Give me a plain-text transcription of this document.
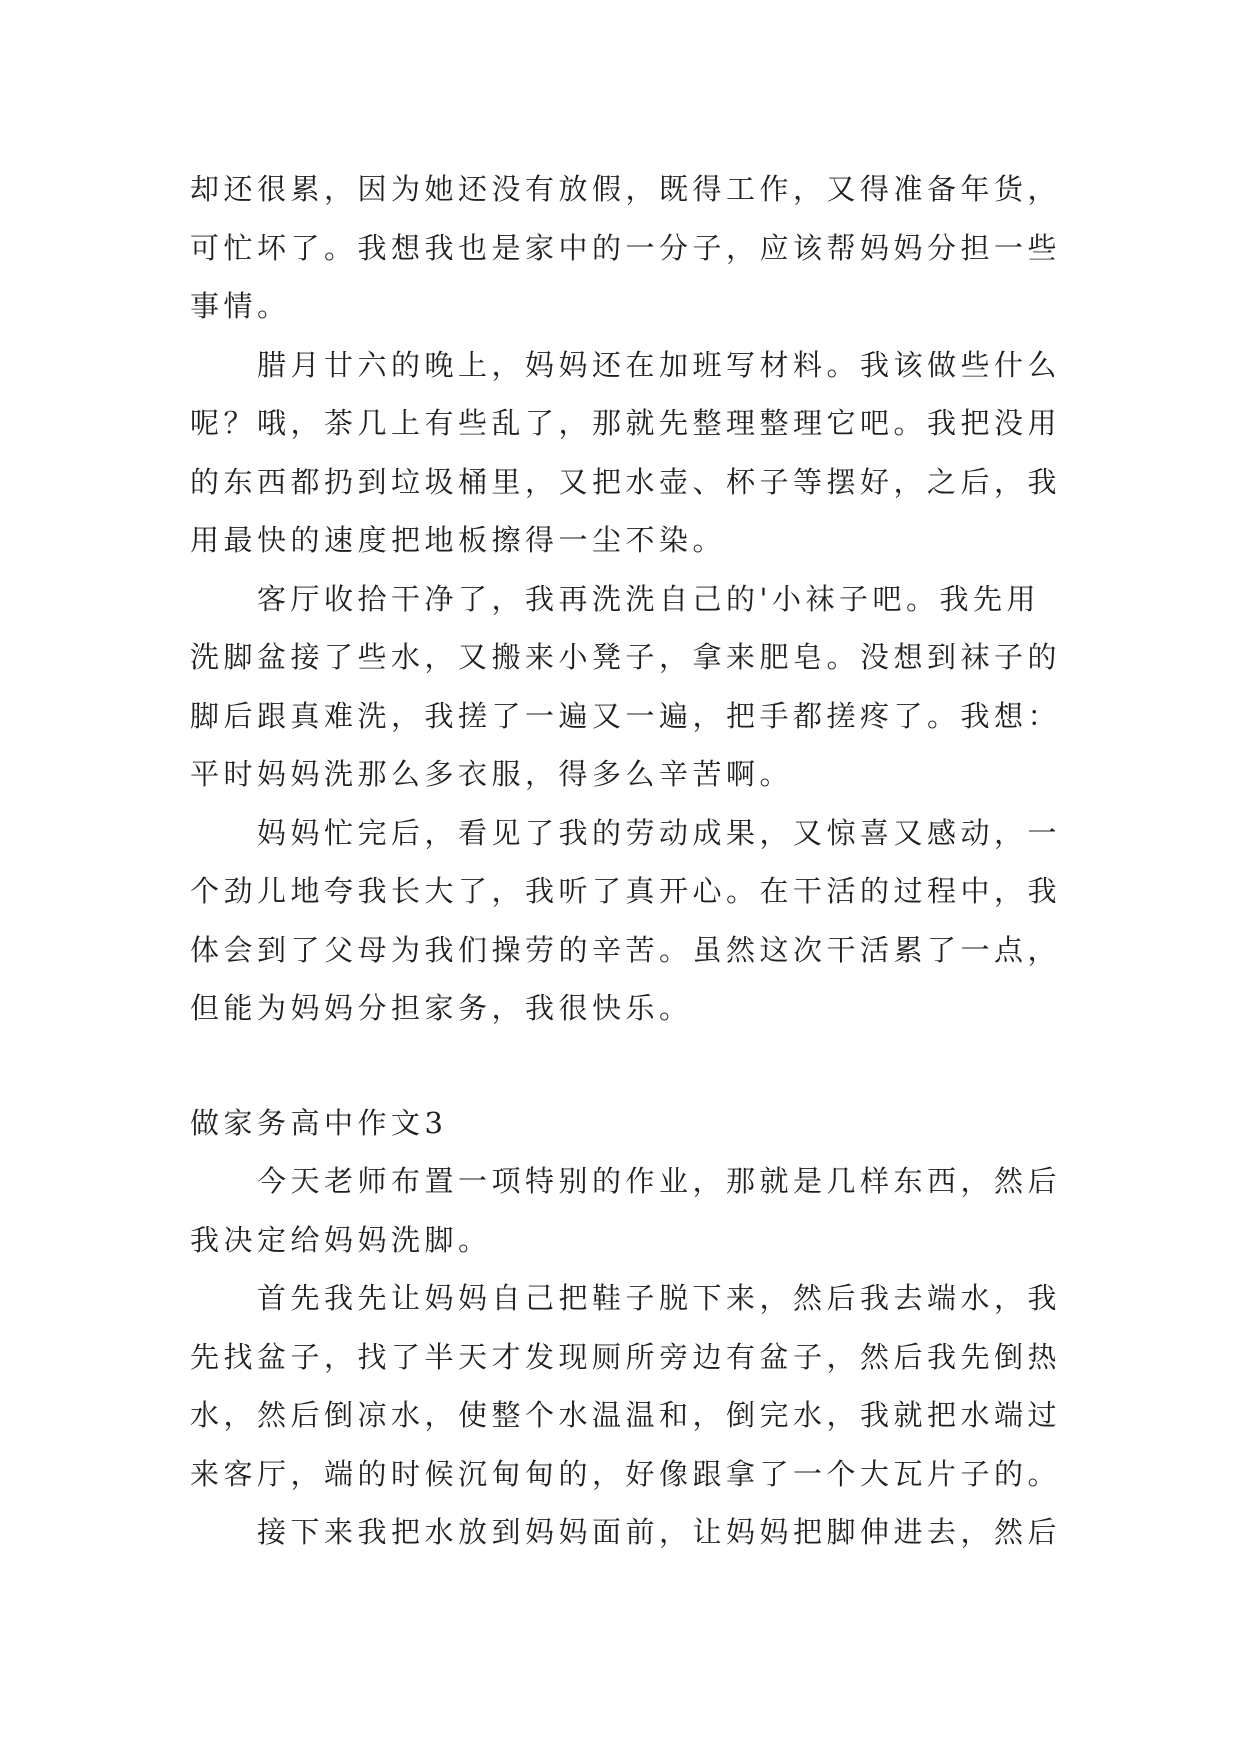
却还很累，因为她还没有放假，既得工作，又得准备年货，
可忙坏了。我想我也是家中的一分子，应该帮妈妈分担一些
事情。
腊月廿六的晚上，妈妈还在加班写材料。我该做些什么
呢？哦，茶几上有些乱了，那就先整理整理它吧。我把没用
的东西都扔到垃圾桶里，又把水壶、杯子等摆好，之后，我
用最快的速度把地板擦得一尘不染。
客厅收拾干净了，我再洗洗自己的'小袜子吧。我先用
洗脚盆接了些水，又搬来小凳子，拿来肥皂。没想到袜子的
脚后跟真难洗，我搓了一遍又一遍，把手都搓疼了。我想：
平时妈妈洗那么多衣服，得多么辛苦啊。
妈妈忙完后，看见了我的劳动成果，又惊喜又感动，一
个劲儿地夸我长大了，我听了真开心。在干活的过程中，我
体会到了父母为我们操劳的辛苦。虽然这次干活累了一点，
但能为妈妈分担家务，我很快乐。
做家务高中作文3
今天老师布置一项特别的作业，那就是几样东西，然后
我决定给妈妈洗脚。
首先我先让妈妈自己把鞋子脱下来，然后我去端水，我
先找盆子，找了半天才发现厕所旁边有盆子，然后我先倒热
水，然后倒凉水，使整个水温温和，倒完水，我就把水端过
来客厅，端的时候沉甸甸的，好像跟拿了一个大瓦片子的。
接下来我把水放到妈妈面前，让妈妈把脚伸进去，然后
